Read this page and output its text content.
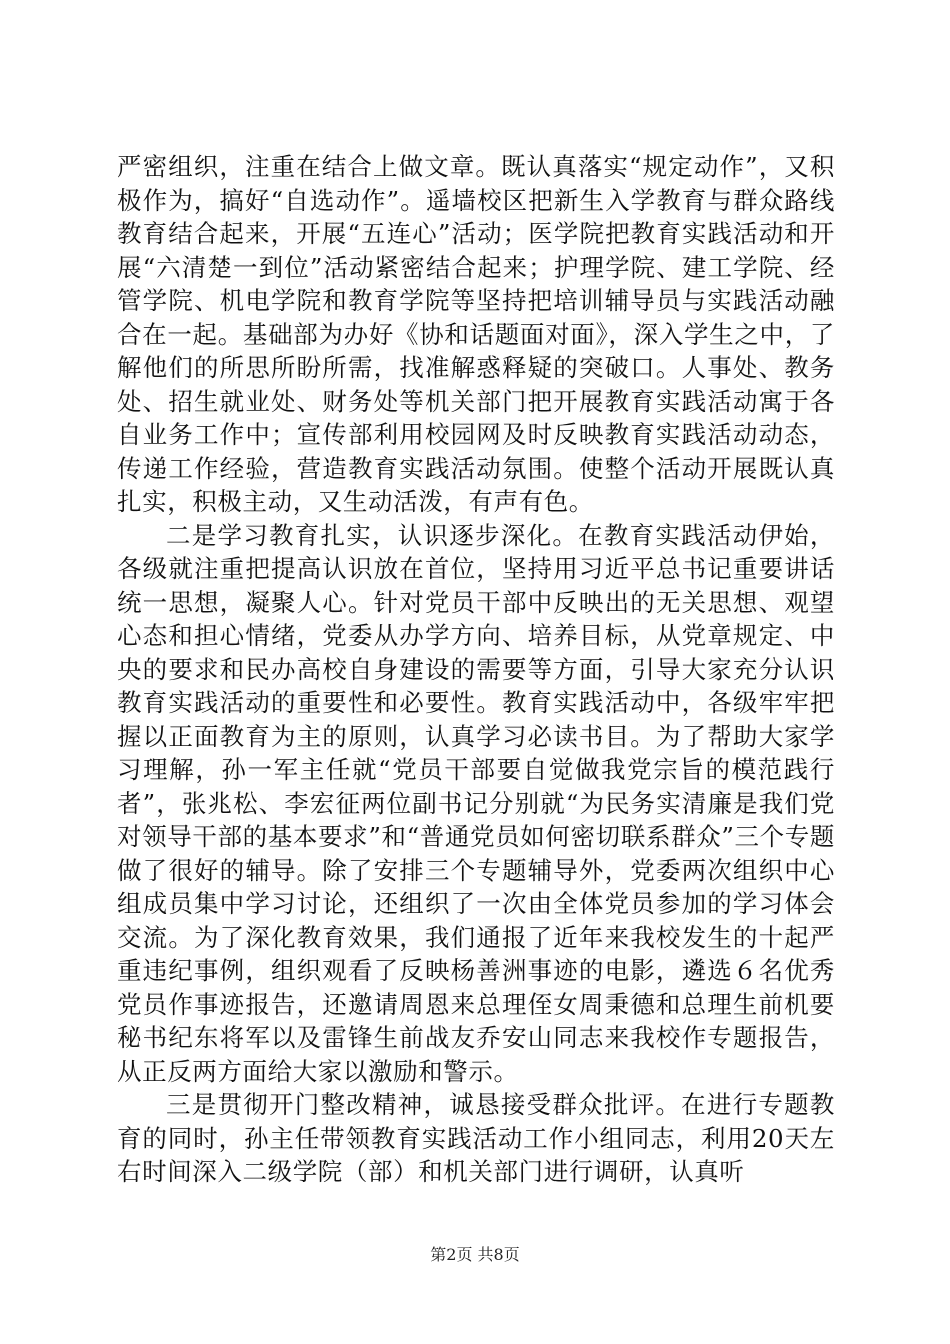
严密组织，注重在结合上做文章。既认真落实“规定动作”，又积极作为，搞好“自选动作”。遥墙校区把新生入学教育与群众路线教育结合起来，开展“五连心”活动；医学院把教育实践活动和开展“六清楚一到位”活动紧密结合起来；护理学院、建工学院、经管学院、机电学院和教育学院等坚持把培训辅导员与实践活动融合在一起。基础部为办好《协和话题面对面》，深入学生之中，了解他们的所思所盼所需，找准解惑释疑的突破口。人事处、教务处、招生就业处、财务处等机关部门把开展教育实践活动寓于各自业务工作中；宣传部利用校园网及时反映教育实践活动动态，传递工作经验，营造教育实践活动氛围。使整个活动开展既认真扎实，积极主动，又生动活泼，有声有色。

二是学习教育扎实，认识逐步深化。在教育实践活动伊始，各级就注重把提高认识放在首位，坚持用习近平总书记重要讲话统一思想，凝聚人心。针对党员干部中反映出的无关思想、观望心态和担心情绪，党委从办学方向、培养目标，从党章规定、中央的要求和民办高校自身建设的需要等方面，引导大家充分认识教育实践活动的重要性和必要性。教育实践活动中，各级牢牢把握以正面教育为主的原则，认真学习必读书目。为了帮助大家学习理解，孙一军主任就“党员干部要自觉做我党宗旨的模范践行者”，张兆松、李宏征两位副书记分别就“为民务实清廉是我们党对领导干部的基本要求”和“普通党员如何密切联系群众”三个专题做了很好的辅导。除了安排三个专题辅导外，党委两次组织中心组成员集中学习讨论，还组织了一次由全体党员参加的学习体会交流。为了深化教育效果，我们通报了近年来我校发生的十起严重违纪事例，组织观看了反映杨善洲事迹的电影，遴选６名优秀党员作事迹报告，还邀请周恩来总理侄女周秉德和总理生前机要秘书纪东将军以及雷锋生前战友乔安山同志来我校作专题报告，从正反两方面给大家以激励和警示。

三是贯彻开门整改精神，诚恳接受群众批评。在进行专题教育的同时，孙主任带领教育实践活动工作小组同志，利用20天左右时间深入二级学院（部）和机关部门进行调研，认真听

第2页 共8页
